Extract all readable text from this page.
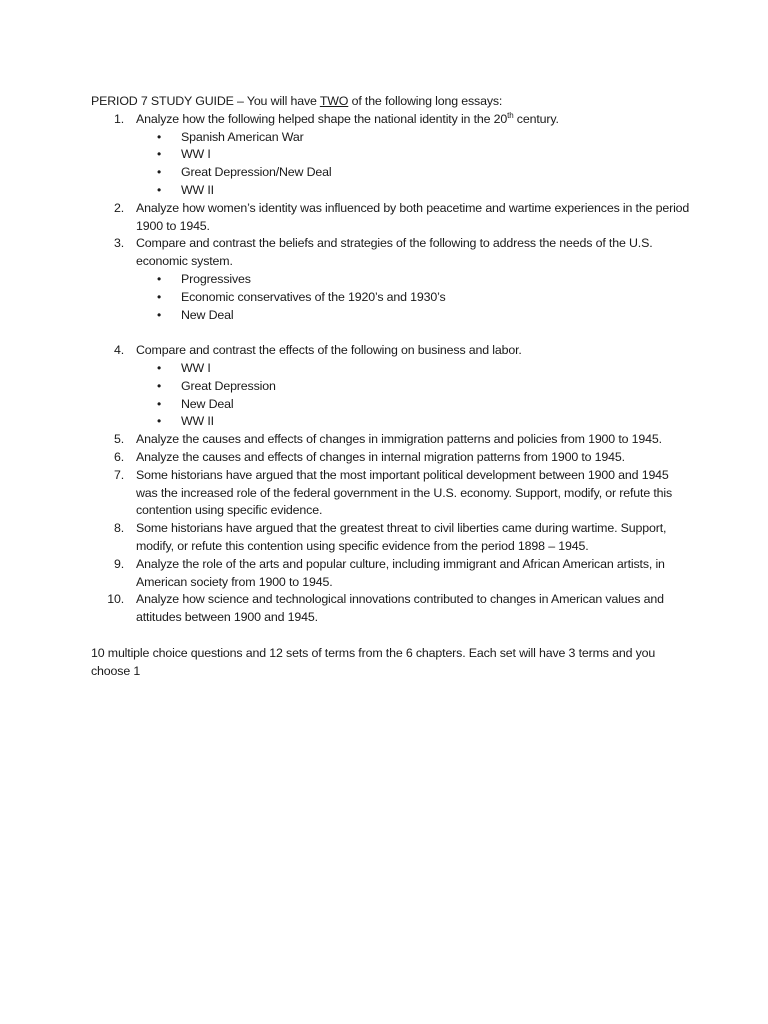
PERIOD 7 STUDY GUIDE – You will have TWO of the following long essays:
1. Analyze how the following helped shape the national identity in the 20th century.
• Spanish American War
• WW I
• Great Depression/New Deal
• WW II
2. Analyze how women’s identity was influenced by both peacetime and wartime experiences in the period 1900 to 1945.
3. Compare and contrast the beliefs and strategies of the following to address the needs of the U.S. economic system.
• Progressives
• Economic conservatives of the 1920’s and 1930’s
• New Deal
4. Compare and contrast the effects of the following on business and labor.
• WW I
• Great Depression
• New Deal
• WW II
5. Analyze the causes and effects of changes in immigration patterns and policies from 1900 to 1945.
6. Analyze the causes and effects of changes in internal migration patterns from 1900 to 1945.
7. Some historians have argued that the most important political development between 1900 and 1945 was the increased role of the federal government in the U.S. economy. Support, modify, or refute this contention using specific evidence.
8. Some historians have argued that the greatest threat to civil liberties came during wartime. Support, modify, or refute this contention using specific evidence from the period 1898 – 1945.
9. Analyze the role of the arts and popular culture, including immigrant and African American artists, in American society from 1900 to 1945.
10. Analyze how science and technological innovations contributed to changes in American values and attitudes between 1900 and 1945.
10 multiple choice questions and 12 sets of terms from the 6 chapters. Each set will have 3 terms and you choose 1
